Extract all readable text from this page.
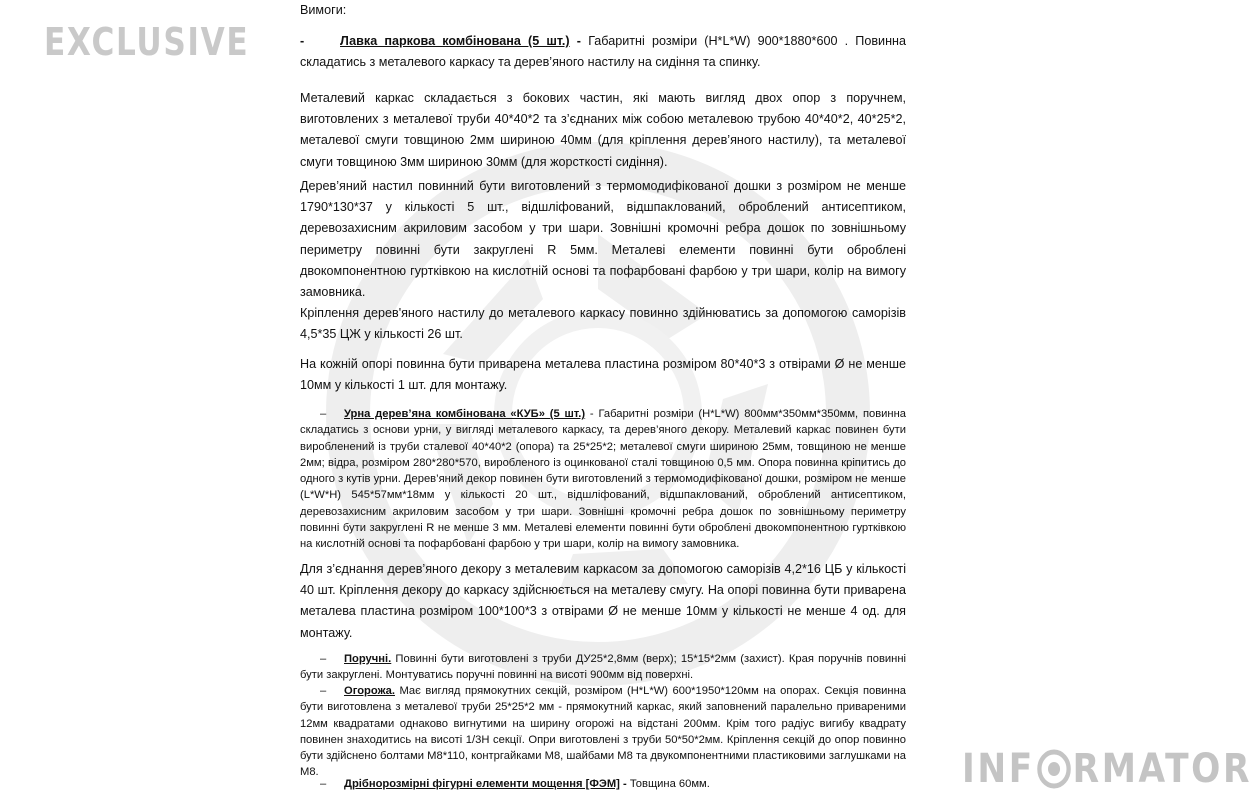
EXCLUSIVE

Вимоги:

-	Лавка паркова комбінована (5 шт.) - Габаритні розміри (H*L*W) 900*1880*600 . Повинна складатись з металевого каркасу та дерев’яного настилу на сидіння та спинку.

Металевий каркас складається з бокових частин, які мають вигляд двох опор з поручнем, виготовлених з металевої труби 40*40*2 та з’єднаних між собою металевою трубою 40*40*2, 40*25*2, металевої смуги товщиною 2мм шириною 40мм (для кріплення дерев’яного настилу), та металевої смуги товщиною 3мм шириною 30мм (для жорсткості сидіння).

Дерев’яний настил повинний бути виготовлений з термомодифікованої дошки з розміром не менше 1790*130*37 у кількості 5 шт., відшліфований, відшпаклований, оброблений антисептиком, деревозахисним акриловим засобом у три шари. Зовнішні кромочні ребра дошок по зовнішньому периметру повинні бути закруглені R 5мм. Металеві елементи повинні бути оброблені двокомпонентною гуртківкою на кислотній основі та пофарбовані фарбою у три шари, колір на вимогу замовника.

Кріплення дерев'яного настилу до металевого каркасу повинно здійнюватись за допомогою саморізів 4,5*35 ЦЖ у кількості 26 шт.

На кожній опорі повинна бути приварена металева пластина розміром 80*40*3 з отвірами Ø не менше 10мм у кількості 1 шт. для монтажу.

– Урна дерев’яна комбінована «КУБ» (5 шт.) - Габаритні розміри (H*L*W) 800мм*350мм*350мм, повинна складатись з основи урни, у вигляді металевого каркасу, та дерев’яного декору. Металевий каркас повинен бути виробленений із труби сталевої 40*40*2 (опора) та 25*25*2; металевої смуги шириною 25мм, товщиною не менше 2мм; відра, розміром 280*280*570, виробленого із оцинкованої сталі товщиною 0,5 мм. Опора повинна кріпитись до одного з кутів урни. Дерев’яний декор повинен бути виготовлений з термомодифікованої дошки, розміром не менше (L*W*H) 545*57мм*18мм у кількості 20 шт., відшліфований, відшпаклований, оброблений антисептиком, деревозахисним акриловим засобом у три шари. Зовнішні кромочні ребра дошок по зовнішньому периметру повинні бути закруглені R не менше 3 мм. Металеві елементи повинні бути оброблені двокомпонентною гуртківкою на кислотній основі та пофарбовані фарбою у три шари, колір на вимогу замовника.

Для з’єднання дерев’яного декору з металевим каркасом за допомогою саморізів 4,2*16 ЦБ у кількості 40 шт. Кріплення декору до каркасу здійснюється на металеву смугу. На опорі повинна бути приварена металева пластина розміром 100*100*3 з отвірами Ø не менше 10мм у кількості не менше 4 од. для монтажу.

– Поручні. Повинні бути виготовлені з труби ДУ25*2,8мм (верх); 15*15*2мм (захист). Края поручнів повинні бути закруглені. Монтуватись поручні повинні на висоті 900мм від поверхні.

– Огорожа. Має вигляд прямокутних секцій, розміром (H*L*W) 600*1950*120мм на опорах. Секція повинна бути виготовлена з металевої труби 25*25*2 мм - прямокутний каркас, який заповнений паралельно привареними 12мм квадратами однаково вигнутими на ширину огорожі на відстані 200мм. Крім того радіус вигибу квадрату повинен знаходитись на висоті 1/3Н секції. Опри виготовлені з труби 50*50*2мм. Кріплення секцій до опор повинно бути здійснено болтами М8*110, контргайками М8, шайбами М8 та двукомпонентними пластиковими заглушками на М8.

– Дрібнорозмірні фігурні елементи мощення [ФЭМ] - Товщина 60мм.	INF RMATOR
